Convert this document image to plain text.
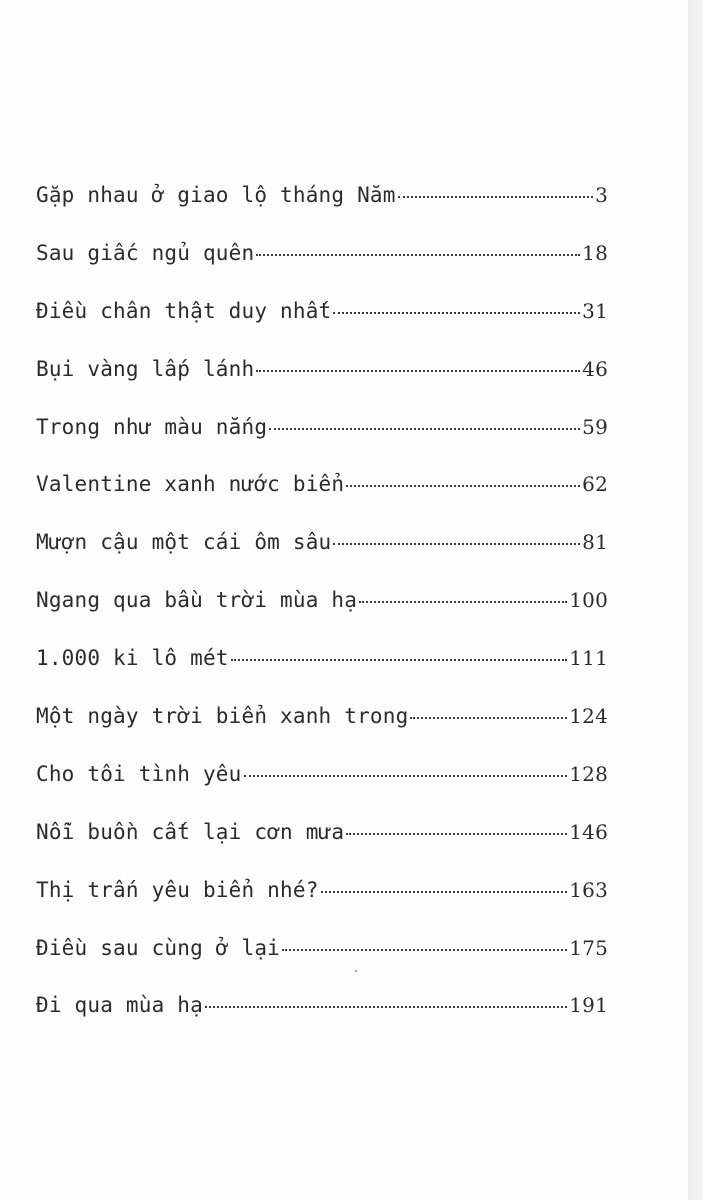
Gặp nhau ở giao lộ tháng Năm	3
Sau giấc ngủ quên	18
Điều chân thật duy nhất	31
Bụi vàng lấp lánh	46
Trong như màu nắng	59
Valentine xanh nước biển	62
Mượn cậu một cái ôm sâu	81
Ngang qua bầu trời mùa hạ	100
1.000 ki lô mét	111
Một ngày trời biển xanh trong	124
Cho tôi tình yêu	128
Nỗi buồn cất lại cơn mưa	146
Thị trấn yêu biển nhé?	163
Điều sau cùng ở lại	175
Đi qua mùa hạ	191
